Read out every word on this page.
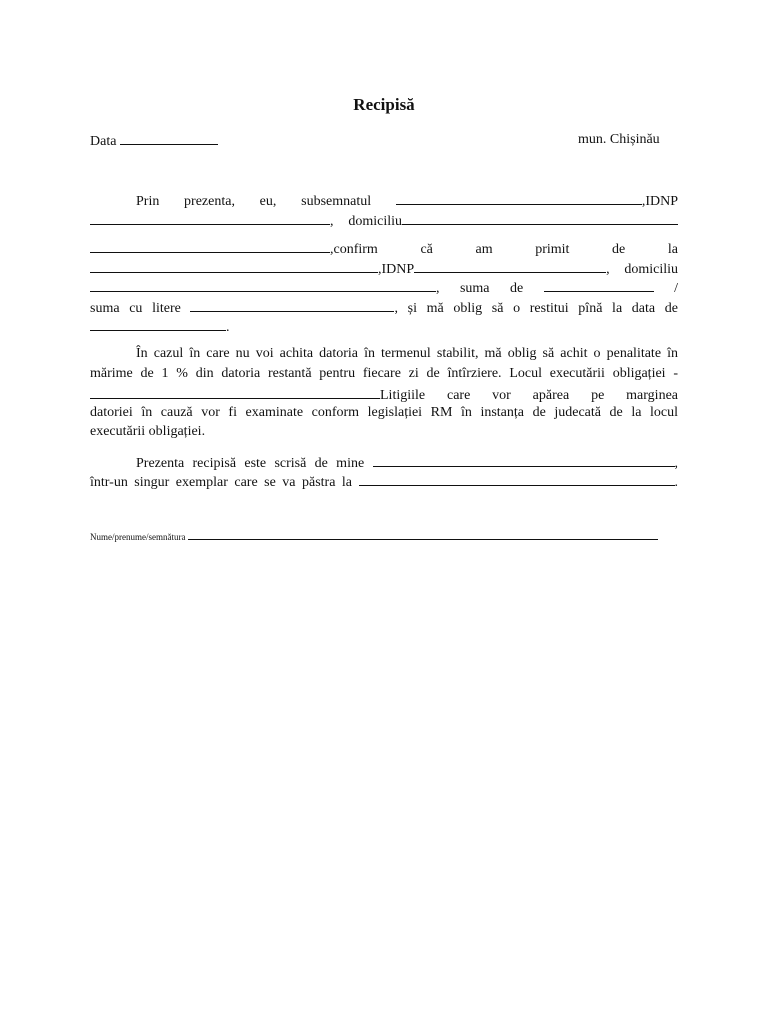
Recipisă
Data	mun. Chișinău
Prin prezenta, eu, subsemnatul	,IDNP
, domiciliu
,confirm că am primit de la
,IDNP	, domiciliu
, suma de	/
suma cu litere	, și mă oblig să o restitui pînă la data de
.
În cazul în care nu voi achita datoria în termenul stabilit, mă oblig să achit o penalitate în
mărime de 1 % din datoria restantă pentru fiecare zi de întîrziere. Locul executării obligației -
Litigiile care vor apărea pe marginea
datoriei în cauză vor fi examinate conform legislației RM în instanța de judecată de la locul
executării obligației.
Prezenta recipisă este scrisă de mine	,
într-un singur exemplar care se va păstra la	.
Nume/prenume/semnătura
